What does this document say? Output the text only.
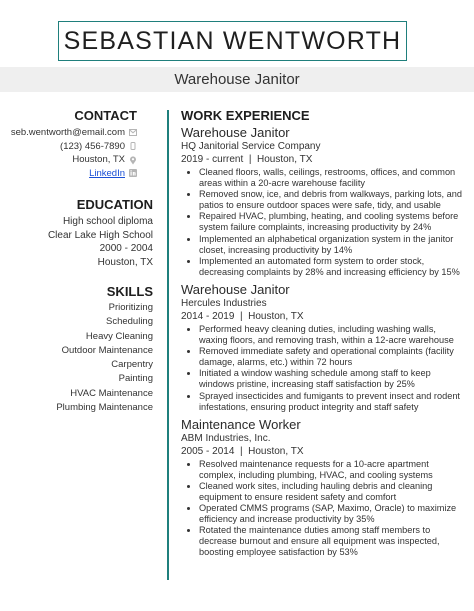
SEBASTIAN WENTWORTH
Warehouse Janitor
CONTACT
seb.wentworth@email.com
(123) 456-7890
Houston, TX
LinkedIn
EDUCATION
High school diploma
Clear Lake High School
2000 - 2004
Houston, TX
SKILLS
Prioritizing
Scheduling
Heavy Cleaning
Outdoor Maintenance
Carpentry
Painting
HVAC Maintenance
Plumbing Maintenance
WORK EXPERIENCE
Warehouse Janitor
HQ Janitorial Service Company
2019 - current  |  Houston, TX
• Cleaned floors, walls, ceilings, restrooms, offices, and common areas within a 20-acre warehouse facility
• Removed snow, ice, and debris from walkways, parking lots, and patios to ensure outdoor spaces were safe, tidy, and usable
• Repaired HVAC, plumbing, heating, and cooling systems before system failure complaints, increasing productivity by 24%
• Implemented an alphabetical organization system in the janitor closet, increasing productivity by 14%
• Implemented an automated form system to order stock, decreasing complaints by 28% and increasing efficiency by 15%
Warehouse Janitor
Hercules Industries
2014 - 2019  |  Houston, TX
• Performed heavy cleaning duties, including washing walls, waxing floors, and removing trash, within a 12-acre warehouse
• Removed immediate safety and operational complaints (facility damage, alarms, etc.) within 72 hours
• Initiated a window washing schedule among staff to keep windows pristine, increasing staff satisfaction by 25%
• Sprayed insecticides and fumigants to prevent insect and rodent infestations, ensuring product integrity and staff safety
Maintenance Worker
ABM Industries, Inc.
2005 - 2014  |  Houston, TX
• Resolved maintenance requests for a 10-acre apartment complex, including plumbing, HVAC, and cooling systems
• Cleaned work sites, including hauling debris and cleaning equipment to ensure resident safety and comfort
• Operated CMMS programs (SAP, Maximo, Oracle) to maximize efficiency and increase productivity by 35%
• Rotated the maintenance duties among staff members to decrease burnout and ensure all equipment was inspected, boosting employee satisfaction by 53%
